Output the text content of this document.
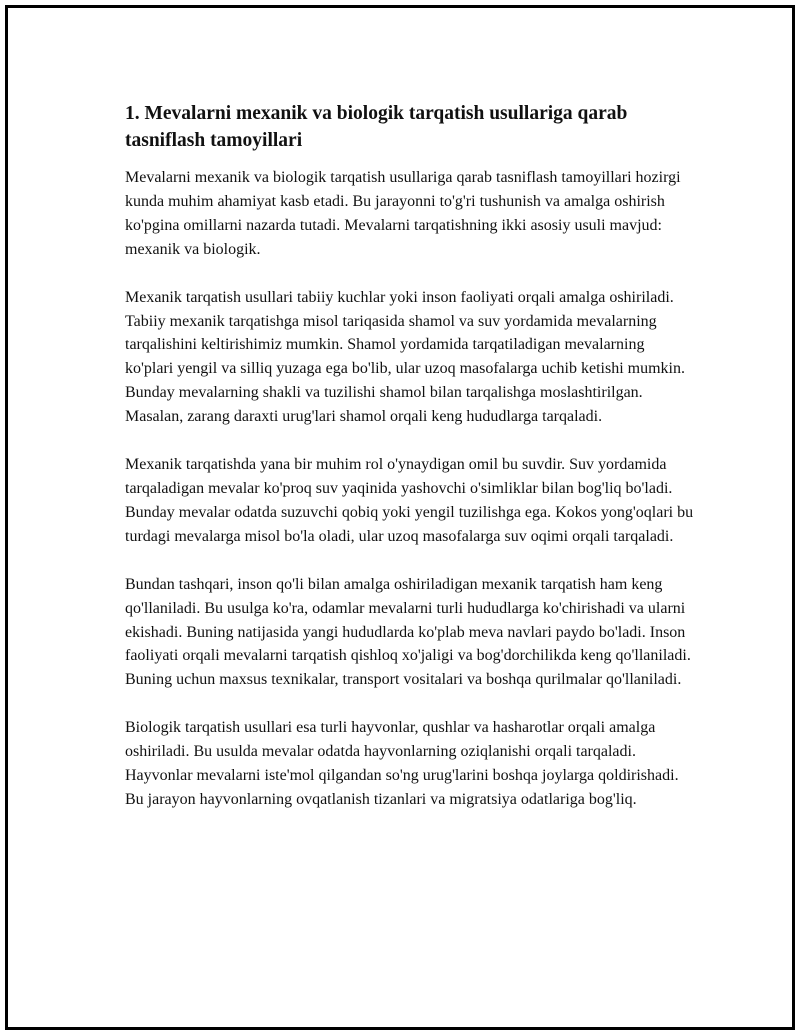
1. Mevalarni mexanik va biologik tarqatish usullariga qarab tasniflash tamoyillari

Mevalarni mexanik va biologik tarqatish usullariga qarab tasniflash tamoyillari hozirgi kunda muhim ahamiyat kasb etadi. Bu jarayonni to'g'ri tushunish va amalga oshirish ko'pgina omillarni nazarda tutadi. Mevalarni tarqatishning ikki asosiy usuli mavjud: mexanik va biologik.

Mexanik tarqatish usullari tabiiy kuchlar yoki inson faoliyati orqali amalga oshiriladi. Tabiiy mexanik tarqatishga misol tariqasida shamol va suv yordamida mevalarning tarqalishini keltirishimiz mumkin. Shamol yordamida tarqatiladigan mevalarning ko'plari yengil va silliq yuzaga ega bo'lib, ular uzoq masofalarga uchib ketishi mumkin. Bunday mevalarning shakli va tuzilishi shamol bilan tarqalishga moslashtirilgan. Masalan, zarang daraxti urug'lari shamol orqali keng hududlarga tarqaladi.

Mexanik tarqatishda yana bir muhim rol o'ynaydigan omil bu suvdir. Suv yordamida tarqaladigan mevalar ko'proq suv yaqinida yashovchi o'simliklar bilan bog'liq bo'ladi. Bunday mevalar odatda suzuvchi qobiq yoki yengil tuzilishga ega. Kokos yong'oqlari bu turdagi mevalarga misol bo'la oladi, ular uzoq masofalarga suv oqimi orqali tarqaladi.

Bundan tashqari, inson qo'li bilan amalga oshiriladigan mexanik tarqatish ham keng qo'llaniladi. Bu usulga ko'ra, odamlar mevalarni turli hududlarga ko'chirishadi va ularni ekishadi. Buning natijasida yangi hududlarda ko'plab meva navlari paydo bo'ladi. Inson faoliyati orqali mevalarni tarqatish qishloq xo'jaligi va bog'dorchilikda keng qo'llaniladi. Buning uchun maxsus texnikalar, transport vositalari va boshqa qurilmalar qo'llaniladi.

Biologik tarqatish usullari esa turli hayvonlar, qushlar va hasharotlar orqali amalga oshiriladi. Bu usulda mevalar odatda hayvonlarning oziqlanishi orqali tarqaladi. Hayvonlar mevalarni iste'mol qilgandan so'ng urug'larini boshqa joylarga qoldirishadi. Bu jarayon hayvonlarning ovqatlanish tizanlari va migratsiya odatlariga bog'liq.
